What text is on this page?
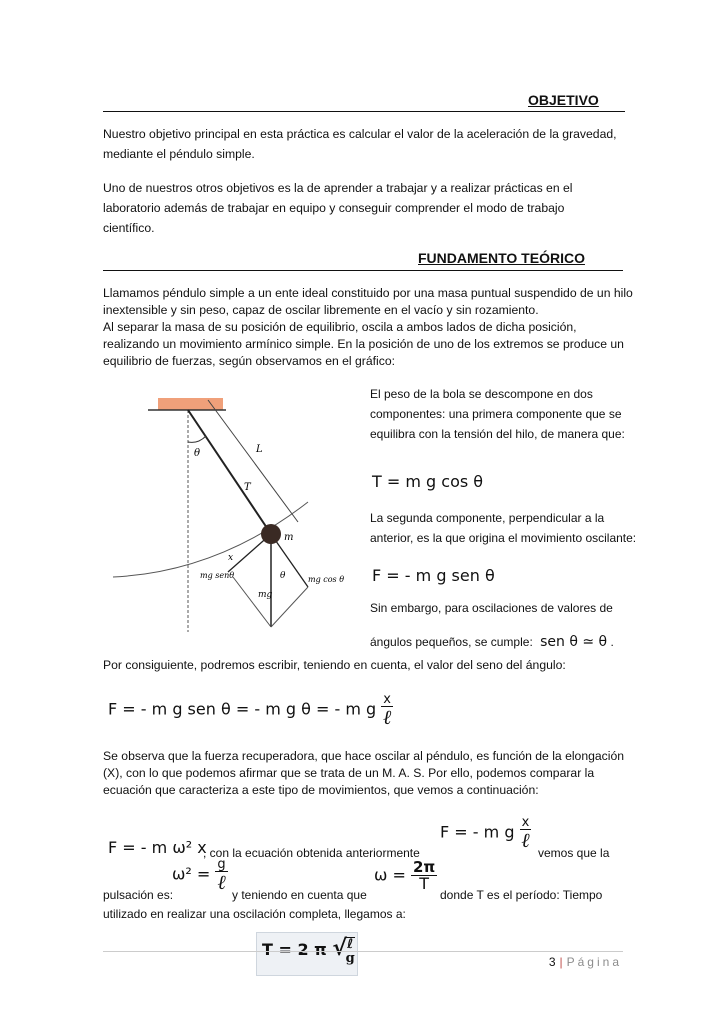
OBJETIVO
Nuestro objetivo principal en esta práctica es calcular el valor de la aceleración de la gravedad, mediante el péndulo simple.
Uno de nuestros otros objetivos es la de aprender a trabajar y a realizar prácticas en el laboratorio además de trabajar en equipo y conseguir comprender el modo de trabajo científico.
FUNDAMENTO TEÓRICO
Llamamos péndulo simple a un ente ideal constituido por una masa puntual suspendido de un hilo inextensible y sin peso, capaz de oscilar libremente en el vacío y sin rozamiento.
Al separar la masa de su posición de equilibrio, oscila a ambos lados de dicha posición, realizando un movimiento armínico simple. En la posición de uno de los extremos se produce un equilibrio de fuerzas, según observamos en el gráfico:
θ	L
T
m
mg
mg senθ	mg cos θ
x
θ
El peso de la bola se descompone en dos componentes: una primera componente que se equilibra con la tensión del hilo, de manera que:
T = m g cos θ
La segunda componente, perpendicular a la anterior, es la que origina el movimiento oscilante:
F = - m g sen θ
Sin embargo, para oscilaciones de valores de
ángulos pequeños, se cumple: sen θ ≃ θ .
Por consiguiente, podremos escribir, teniendo en cuenta, el valor del seno del ángulo:
F = - m g sen θ = - m g θ = - m g $\frac{x}{\text{ℓ}}$
Se observa que la fuerza recuperadora, que hace oscilar al péndulo, es función de la elongación (X), con lo que podemos afirmar que se trata de un M. A. S. Por ello, podemos comparar la ecuación que caracteriza a este tipo de movimientos, que vemos a continuación:
F = - m ω² x
, con la ecuación obtenida anteriormente
F = - m g $\frac{x}{\text{ℓ}}$
vemos que la
pulsación es:
$\omega^2 = \frac{g}{\text{ℓ}}$
y teniendo en cuenta que
$\omega = \frac{2\pi}{T}$
donde T es el período: Tiempo
utilizado en realizar una oscilación completa, llegamos a:
T = 2 π √
$\frac{\text{ℓ}}{g}$	3 | Página
